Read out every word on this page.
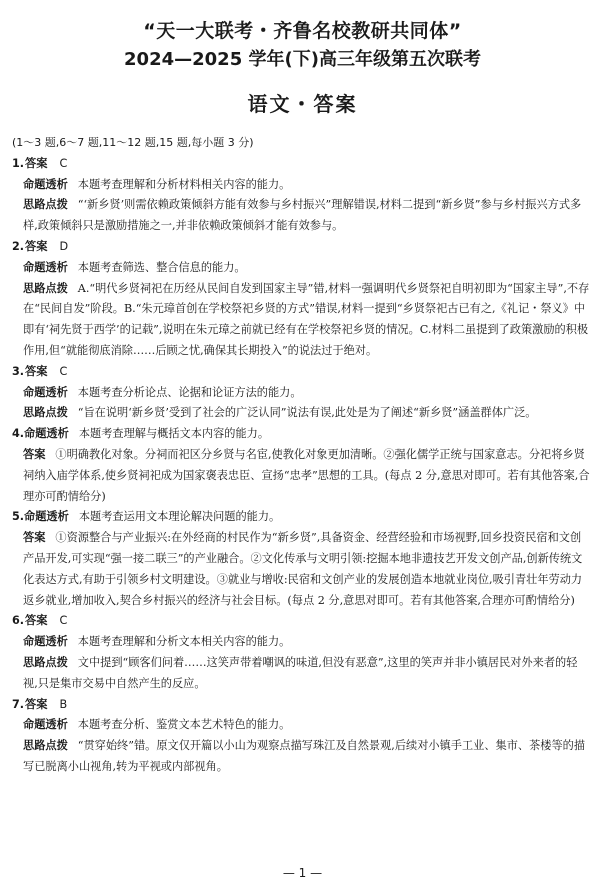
“天一大联考・齐鲁名校教研共同体”
2024—2025 学年(下)高三年级第五次联考
语文・答案

(1～3 题,6～7 题,11～12 题,15 题,每小题 3 分)

1.答案 C

命题透析 本题考查理解和分析材料相关内容的能力。

思路点拨 “‘新乡贤’则需依赖政策倾斜方能有效参与乡村振兴”理解错误,材料二提到“新乡贤”参与乡村振兴方式多样,政策倾斜只是激励措施之一,并非依赖政策倾斜才能有效参与。

2.答案 D

命题透析 本题考查筛选、整合信息的能力。

思路点拨 A.“明代乡贤祠祀在历经从民间自发到国家主导”错,材料一强调明代乡贤祭祀自明初即为“国家主导”,不存在“民间自发”阶段。B.“朱元璋首创在学校祭祀乡贤的方式”错误,材料一提到“乡贤祭祀古已有之,《礼记・祭义》中即有‘祠先贤于西学’的记载”,说明在朱元璋之前就已经有在学校祭祀乡贤的情况。C.材料二虽提到了政策激励的积极作用,但“就能彻底消除……后顾之忧,确保其长期投入”的说法过于绝对。

3.答案 C

命题透析 本题考查分析论点、论据和论证方法的能力。

思路点拨 “旨在说明‘新乡贤’受到了社会的广泛认同”说法有误,此处是为了阐述“新乡贤”涵盖群体广泛。

4.命题透析 本题考查理解与概括文本内容的能力。

答案 ①明确教化对象。分祠而祀区分乡贤与名宦,使教化对象更加清晰。②强化儒学正统与国家意志。分祀将乡贤祠纳入庙学体系,使乡贤祠祀成为国家褒表忠臣、宣扬“忠孝”思想的工具。(每点 2 分,意思对即可。若有其他答案,合理亦可酌情给分)

5.命题透析 本题考查运用文本理论解决问题的能力。

答案 ①资源整合与产业振兴:在外经商的村民作为“新乡贤”,具备资金、经营经验和市场视野,回乡投资民宿和文创产品开发,可实现“强一接二联三”的产业融合。②文化传承与文明引领:挖掘本地非遗技艺开发文创产品,创新传统文化表达方式,有助于引领乡村文明建设。③就业与增收:民宿和文创产业的发展创造本地就业岗位,吸引青壮年劳动力返乡就业,增加收入,契合乡村振兴的经济与社会目标。(每点 2 分,意思对即可。若有其他答案,合理亦可酌情给分)

6.答案 C

命题透析 本题考查理解和分析文本相关内容的能力。

思路点拨 文中提到“顾客们问着……这笑声带着嘲讽的味道,但没有恶意”,这里的笑声并非小镇居民对外来者的轻视,只是集市交易中自然产生的反应。

7.答案 B

命题透析 本题考查分析、鉴赏文本艺术特色的能力。

思路点拨 “贯穿始终”错。原文仅开篇以小山为观察点描写珠江及自然景观,后续对小镇手工业、集市、茶楼等的描写已脱离小山视角,转为平视或内部视角。

— 1 —
